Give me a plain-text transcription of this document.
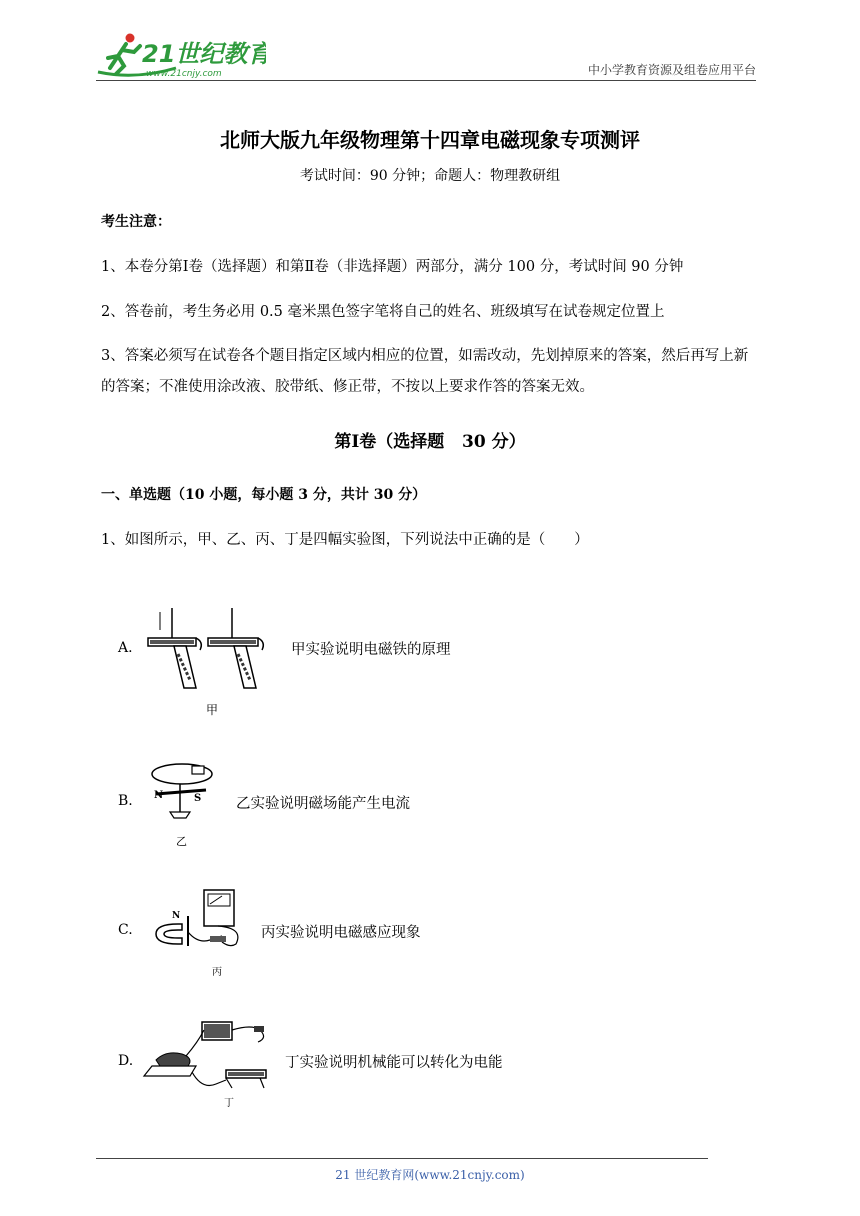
21世纪教育
www.21cnjy.com	中小学教育资源及组卷应用平台
北师大版九年级物理第十四章电磁现象专项测评
考试时间：90 分钟；命题人：物理教研组
考生注意：
1、本卷分第Ⅰ卷（选择题）和第Ⅱ卷（非选择题）两部分，满分 100 分，考试时间 90 分钟
2、答卷前，考生务必用 0.5 毫米黑色签字笔将自己的姓名、班级填写在试卷规定位置上
3、答案必须写在试卷各个题目指定区域内相应的位置，如需改动，先划掉原来的答案，然后再写上新的答案；不准使用涂改液、胶带纸、修正带，不按以上要求作答的答案无效。
第Ⅰ卷（选择题   30 分）
一、单选题（10 小题，每小题 3 分，共计 30 分）
1、如图所示，甲、乙、丙、丁是四幅实验图，下列说法中正确的是（　　）
A.
甲
甲实验说明电磁铁的原理
B. N	S
乙
乙实验说明磁场能产生电流
C.
N
丙
丙实验说明电磁感应现象
D.
丁
丁实验说明机械能可以转化为电能
21 世纪教育网(www.21cnjy.com)
